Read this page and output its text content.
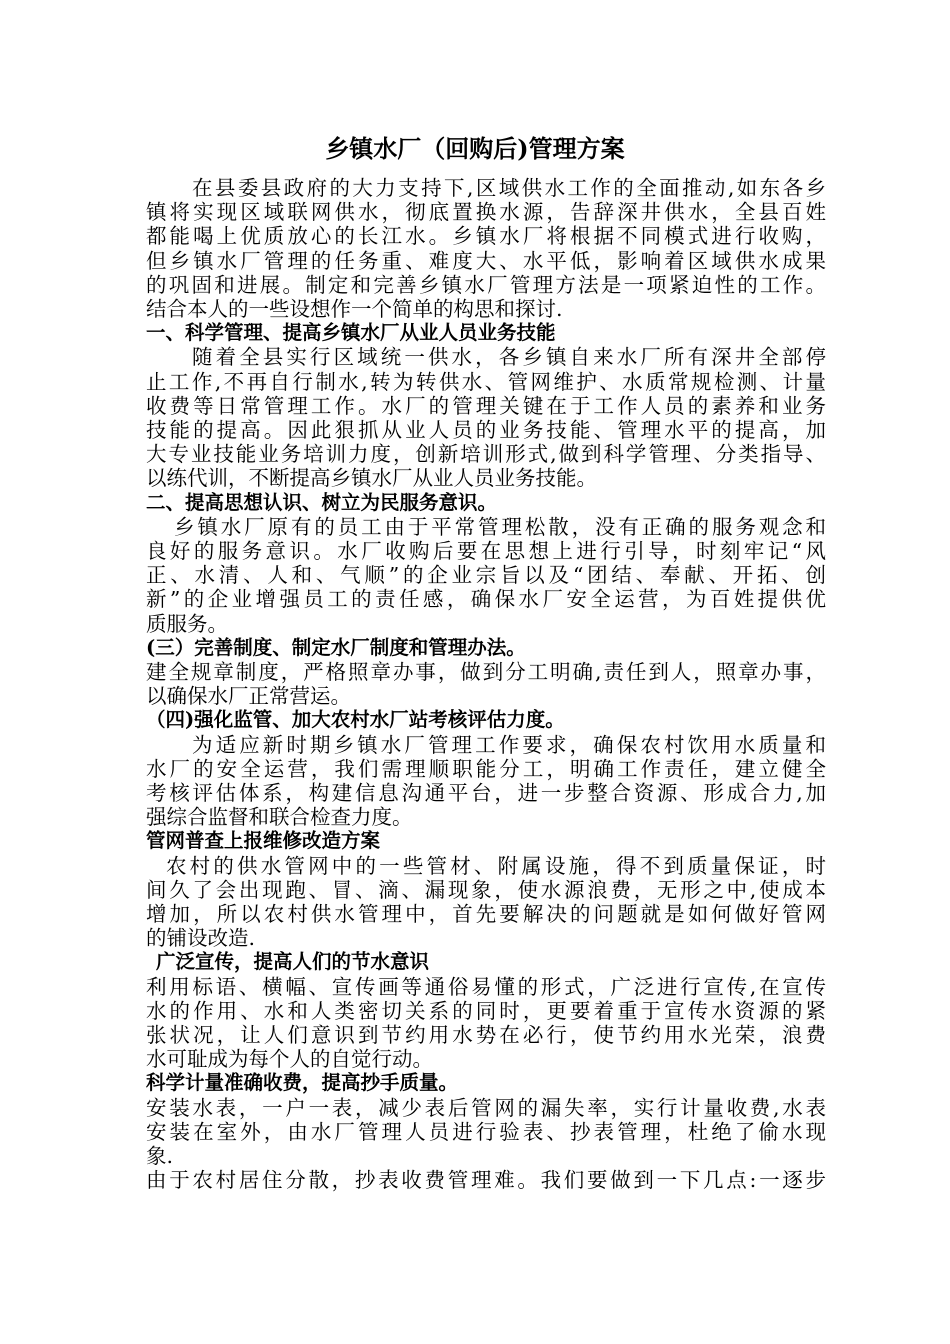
乡镇水厂（回购后)管理方案
在县委县政府的大力支持下,区域供水工作的全面推动,如东各乡
镇将实现区域联网供水，彻底置换水源，告辞深井供水，全县百姓
都能喝上优质放心的长江水。乡镇水厂将根据不同模式进行收购，
但乡镇水厂管理的任务重、难度大、水平低，影响着区域供水成果
的巩固和进展。制定和完善乡镇水厂管理方法是一项紧迫性的工作。
结合本人的一些设想作一个简单的构思和探讨.
一、科学管理、提高乡镇水厂从业人员业务技能
随着全县实行区域统一供水，各乡镇自来水厂所有深井全部停
止工作,不再自行制水,转为转供水、管网维护、水质常规检测、计量
收费等日常管理工作。水厂的管理关键在于工作人员的素养和业务
技能的提高。因此狠抓从业人员的业务技能、管理水平的提高，加
大专业技能业务培训力度，创新培训形式,做到科学管理、分类指导、
以练代训，不断提高乡镇水厂从业人员业务技能。
二、提高思想认识、树立为民服务意识。
乡镇水厂原有的员工由于平常管理松散，没有正确的服务观念和
良好的服务意识。水厂收购后要在思想上进行引导，时刻牢记“风
正、水清、人和、气顺”的企业宗旨以及“团结、奉献、开拓、创
新”的企业增强员工的责任感，确保水厂安全运营，为百姓提供优
质服务。
(三）完善制度、制定水厂制度和管理办法。
建全规章制度，严格照章办事，做到分工明确,责任到人，照章办事，
以确保水厂正常营运。
（四)强化监管、加大农村水厂站考核评估力度。
为适应新时期乡镇水厂管理工作要求，确保农村饮用水质量和
水厂的安全运营，我们需理顺职能分工，明确工作责任，建立健全
考核评估体系，构建信息沟通平台，进一步整合资源、形成合力,加
强综合监督和联合检查力度。
管网普查上报维修改造方案
农村的供水管网中的一些管材、附属设施，得不到质量保证，时
间久了会出现跑、冒、滴、漏现象，使水源浪费，无形之中,使成本
增加，所以农村供水管理中，首先要解决的问题就是如何做好管网
的铺设改造.
广泛宣传，提高人们的节水意识
利用标语、横幅、宣传画等通俗易懂的形式，广泛进行宣传,在宣传
水的作用、水和人类密切关系的同时，更要着重于宣传水资源的紧
张状况，让人们意识到节约用水势在必行，使节约用水光荣，浪费
水可耻成为每个人的自觉行动。
科学计量准确收费，提高抄手质量。
安装水表，一户一表，减少表后管网的漏失率，实行计量收费,水表
安装在室外，由水厂管理人员进行验表、抄表管理，杜绝了偷水现
象.
由于农村居住分散，抄表收费管理难。我们要做到一下几点:一逐步
